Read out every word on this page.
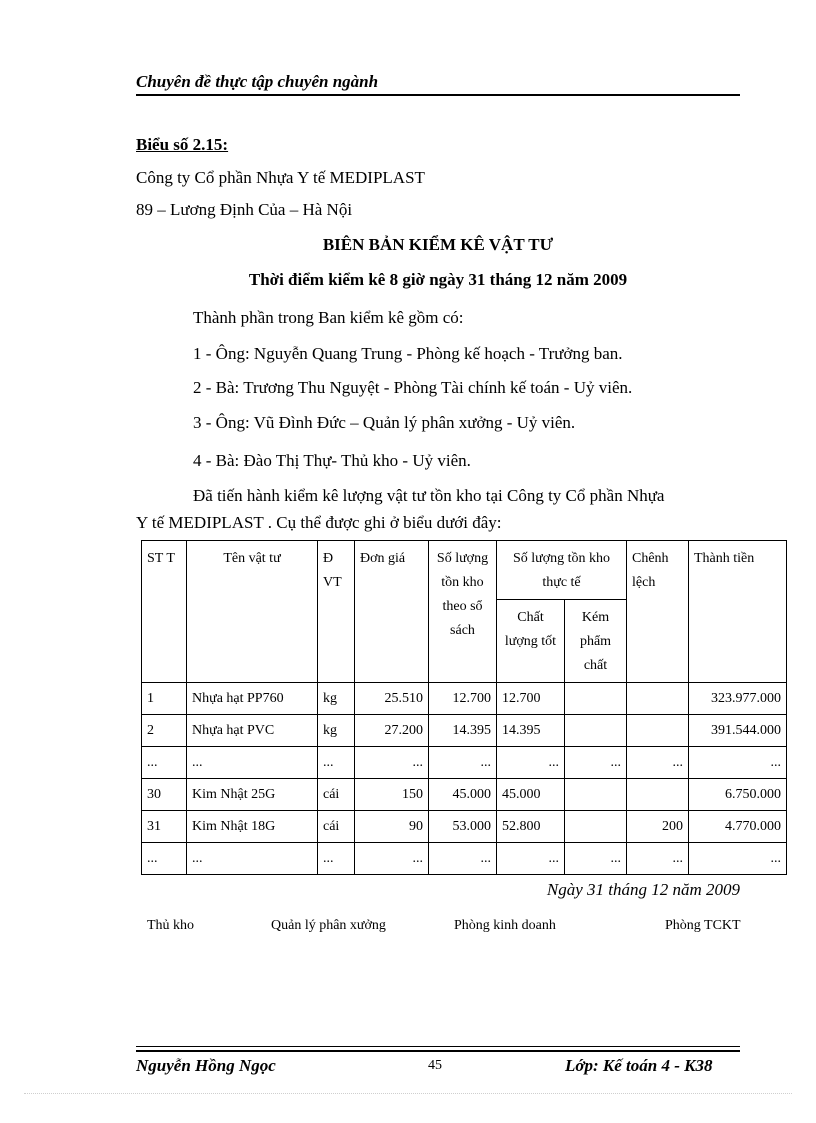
Chuyên đề thực tập chuyên ngành
Biểu số 2.15:
Công ty Cổ phần Nhựa Y tế MEDIPLAST
89 – Lương Định Của – Hà Nội
BIÊN BẢN KIỂM KÊ VẬT TƯ
Thời điểm kiểm kê 8 giờ ngày 31 tháng 12 năm 2009
Thành phần trong Ban kiểm kê gồm có:
1 - Ông: Nguyễn Quang Trung - Phòng kế hoạch - Trưởng ban.
2 - Bà: Trương Thu Nguyệt - Phòng Tài chính kế toán - Uỷ viên.
3 - Ông: Vũ Đình Đức – Quản lý phân xưởng - Uỷ viên.
4 - Bà: Đào Thị Thự- Thủ kho - Uỷ viên.
Đã tiến hành kiểm kê lượng vật tư tồn kho tại Công ty Cổ phần Nhựa
Y tế MEDIPLAST . Cụ thể được ghi ở biểu dưới đây:
ST T	Tên vật tư	Đ VT	Đơn giá	Số lượng tồn kho theo sổ sách	Số lượng tồn kho thực tế		Chênh lệch	Thành tiền
					Chất lượng tốt	Kém phẩm chất		
1	Nhựa hạt PP760	kg	25.510	12.700	12.700			323.977.000
2	Nhựa hạt PVC	kg	27.200	14.395	14.395			391.544.000
...	...	...	...	...	...	...	...	...
30	Kim Nhật 25G	cái	150	45.000	45.000			6.750.000
31	Kim Nhật 18G	cái	90	53.000	52.800		200	4.770.000
...	...	...	...	...	...	...	...	...
Ngày 31 tháng 12 năm 2009
Thủ kho	Quản lý phân xưởng	Phòng kinh doanh	Phòng TCKT
Nguyễn Hồng Ngọc	45	Lớp: Kế toán 4 - K38
